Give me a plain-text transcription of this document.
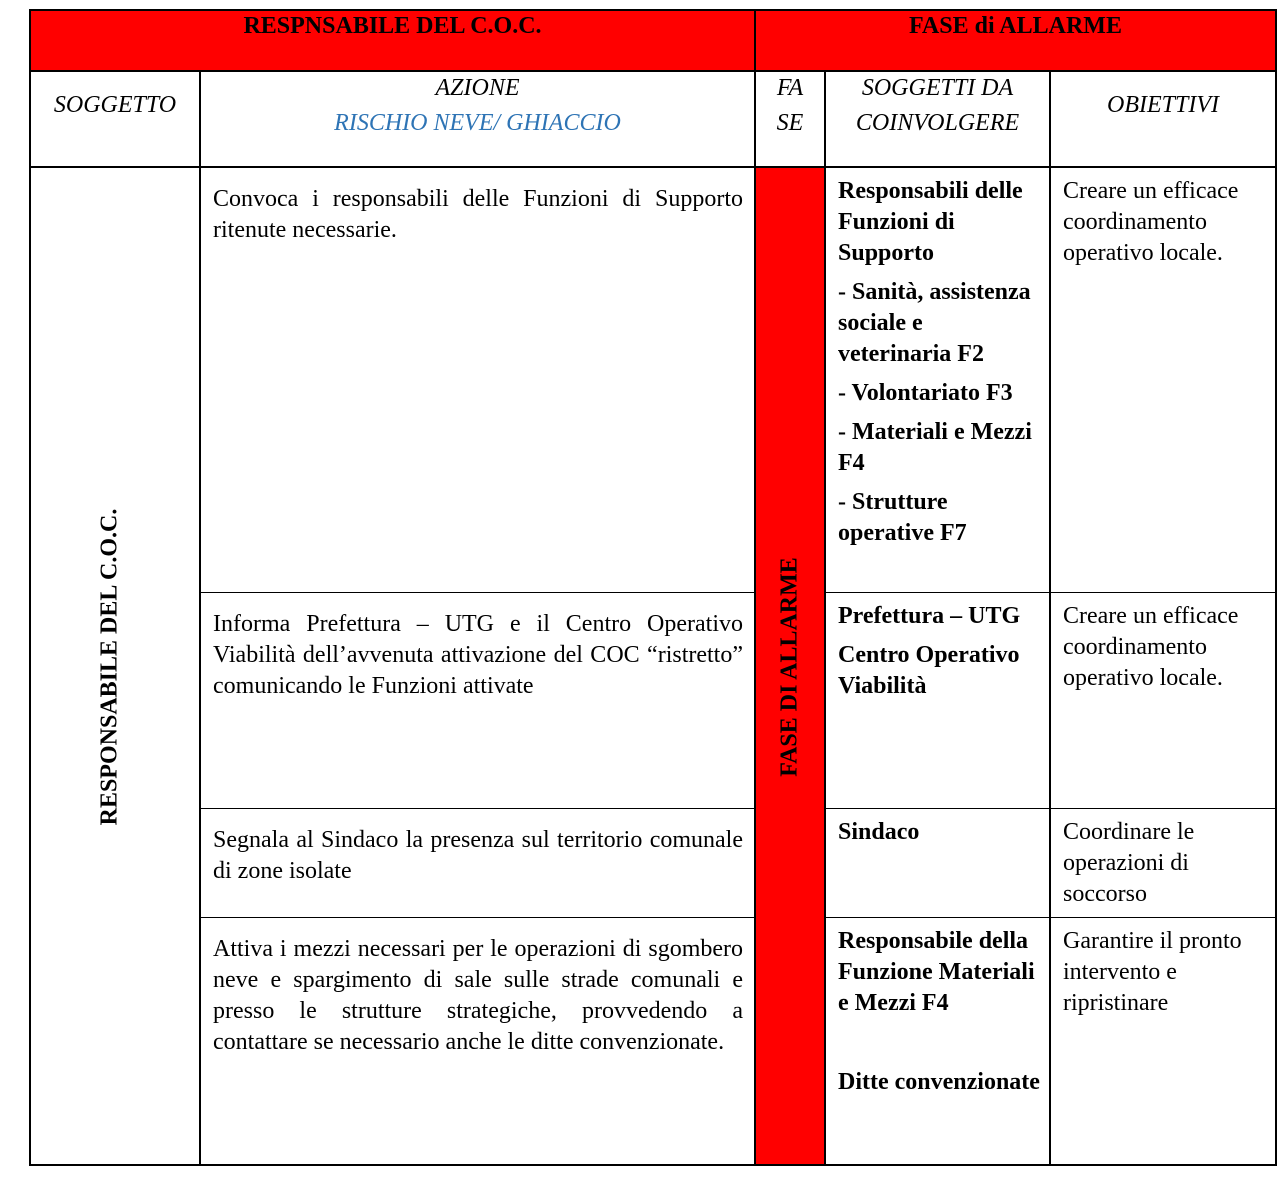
RESPNSABILE DEL C.O.C.	FASE di ALLARME
SOGGETTO
AZIONE
RISCHIO NEVE/ GHIACCIO
FA
SE
SOGGETTI DA
COINVOLGERE
OBIETTIVI
FASE DI ALLARME
RESPONSABILE DEL C.O.C.
Convoca i responsabili delle Funzioni di Supporto ritenute necessarie.

Responsabili delle Funzioni di Supporto

- Sanità, assistenza sociale e veterinaria F2

- Volontariato F3

- Materiali e Mezzi F4

- Strutture operative F7

Creare un efficace coordinamento operativo locale.
Informa Prefettura – UTG e il Centro Operativo Viabilità dell’avvenuta attivazione del COC “ristretto” comunicando le Funzioni attivate

Prefettura – UTG

Centro Operativo Viabilità

Creare un efficace coordinamento operativo locale.
Segnala al Sindaco la presenza sul territorio comunale di zone isolate

Sindaco	Coordinare le operazioni di soccorso
Attiva i mezzi necessari per le operazioni di sgombero neve e spargimento di sale sulle strade comunali e presso le strutture strategiche, provvedendo a contattare se necessario anche le ditte convenzionate.

Responsabile della Funzione Materiali e Mezzi F4

Ditte convenzionate

Garantire il pronto intervento e ripristinare
